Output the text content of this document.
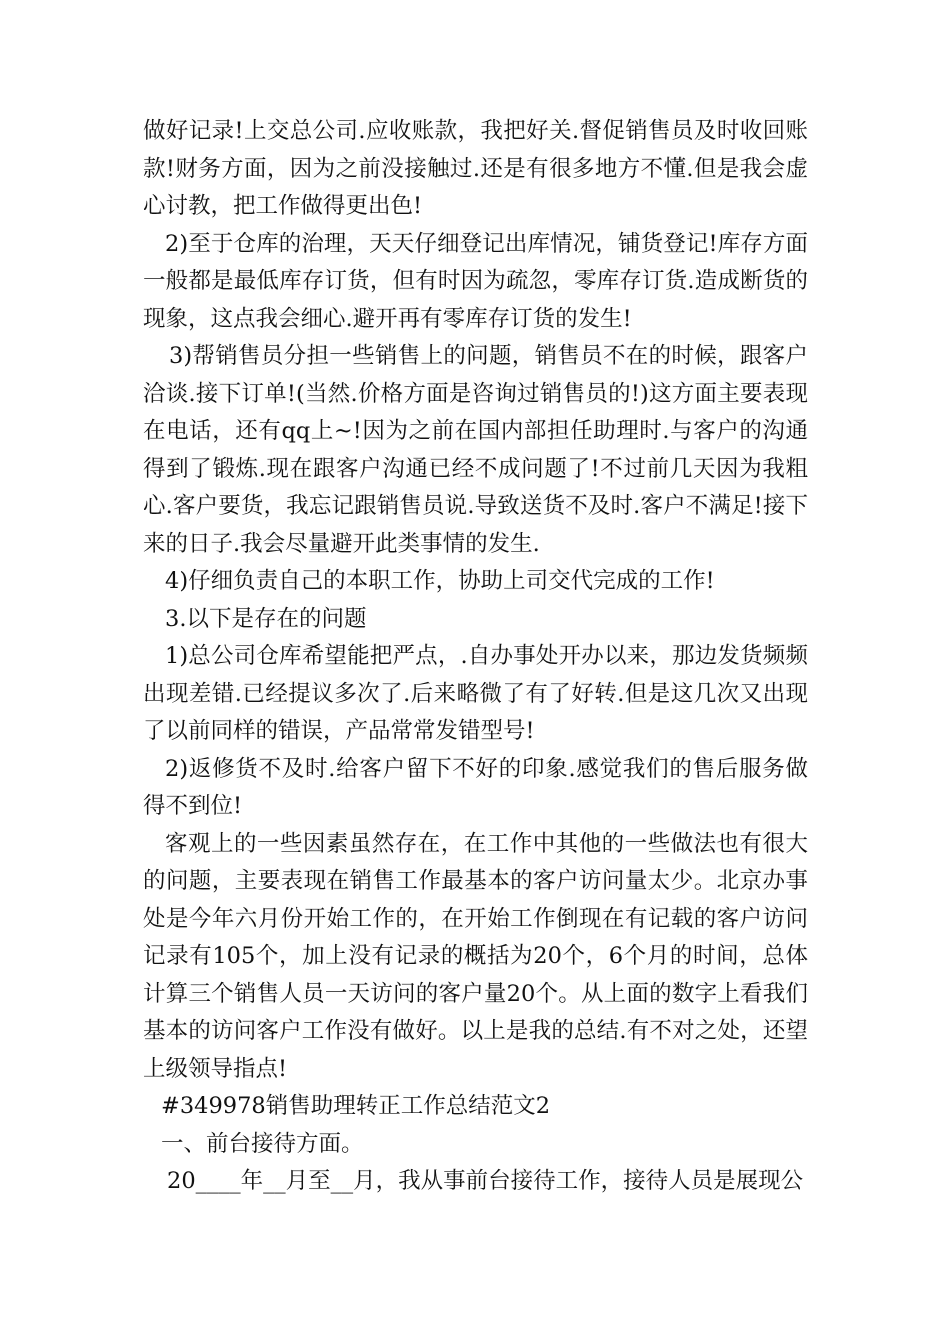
做好记录!上交总公司.应收账款，我把好关.督促销售员及时收回账款!财务方面，因为之前没接触过.还是有很多地方不懂.但是我会虚心讨教，把工作做得更出色!

2)至于仓库的治理，天天仔细登记出库情况，铺货登记!库存方面一般都是最低库存订货，但有时因为疏忽，零库存订货.造成断货的现象，这点我会细心.避开再有零库存订货的发生!

3)帮销售员分担一些销售上的问题，销售员不在的时候，跟客户洽谈.接下订单!(当然.价格方面是咨询过销售员的!)这方面主要表现在电话，还有qq上~!因为之前在国内部担任助理时.与客户的沟通得到了锻炼.现在跟客户沟通已经不成问题了!不过前几天因为我粗心.客户要货，我忘记跟销售员说.导致送货不及时.客户不满足!接下来的日子.我会尽量避开此类事情的发生.

4)仔细负责自己的本职工作，协助上司交代完成的工作!

3.以下是存在的问题

1)总公司仓库希望能把严点，.自办事处开办以来，那边发货频频出现差错.已经提议多次了.后来略微了有了好转.但是这几次又出现了以前同样的错误，产品常常发错型号!

2)返修货不及时.给客户留下不好的印象.感觉我们的售后服务做得不到位!

客观上的一些因素虽然存在，在工作中其他的一些做法也有很大的问题，主要表现在销售工作最基本的客户访问量太少。北京办事处是今年六月份开始工作的，在开始工作倒现在有记载的客户访问记录有105个，加上没有记录的概括为20个，6个月的时间，总体计算三个销售人员一天访问的客户量20个。从上面的数字上看我们基本的访问客户工作没有做好。以上是我的总结.有不对之处，还望上级领导指点!

#349978销售助理转正工作总结范文2

一、前台接待方面。

20____年__月至__月，我从事前台接待工作，接待人员是展现公
